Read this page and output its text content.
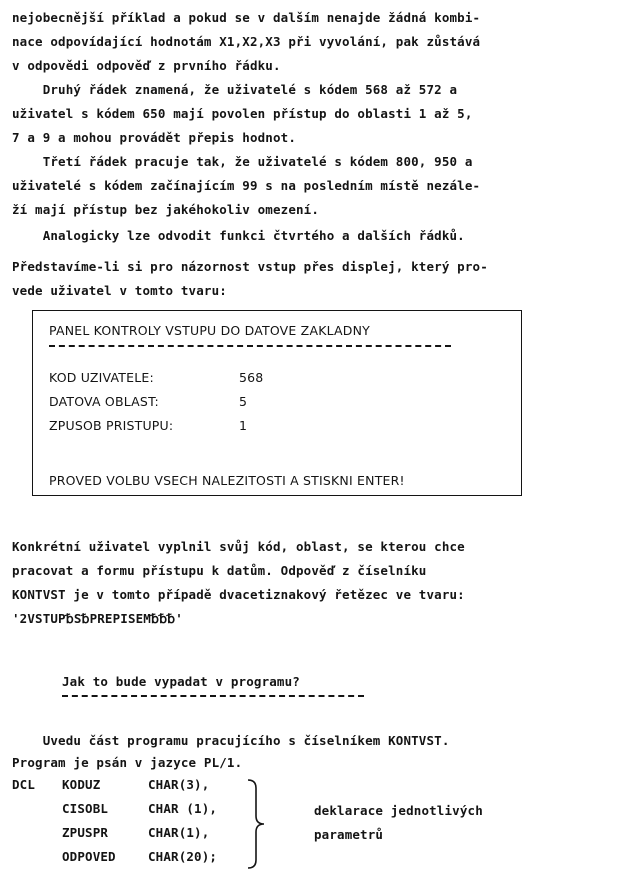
nejobecnější příklad a pokud se v dalším nenajde žádná kombi-
nace odpovídající hodnotám X1,X2,X3 při vyvolání, pak zůstává
v odpovědi odpověď z prvního řádku.
Druhý řádek znamená, že uživatelé s kódem 568 až 572 a
uživatel s kódem 650 mají povolen přístup do oblasti 1 až 5,
7 a 9 a mohou provádět přepis hodnot.
Třetí řádek pracuje tak, že uživatelé s kódem 800, 950 a
uživatelé s kódem začínajícím 99 s na posledním místě nezále-
ží mají přístup bez jakéhokoliv omezení.
Analogicky lze odvodit funkci čtvrtého a dalších řádků.
Představíme-li si pro názornost vstup přes displej, který pro-
vede uživatel v tomto tvaru:
PANEL KONTROLY VSTUPU DO DATOVE ZAKLADNY
KOD UZIVATELE:	568
DATOVA OBLAST:	5
ZPUSOB PRISTUPU:	1
PROVED VOLBU VSECH NALEZITOSTI A STISKNI ENTER!
Konkrétní uživatel vyplnil svůj kód, oblast, se kterou chce
pracovat a formu přístupu k datům. Odpověď z číselníku
KONTVST je v tomto případě dvacetiznakový řetězec ve tvaru:
'2VSTUP␢S␢PREPISEM␢␢␢'
Jak to bude vypadat v programu?
Uvedu část programu pracujícího s číselníkem KONTVST.
Program je psán v jazyce PL/1.
DCL KODUZ	CHAR(3),
CISOBL	CHAR (1),
ZPUSPR	CHAR(1),
ODPOVED	CHAR(20);
deklarace jednotlivých
parametrů
